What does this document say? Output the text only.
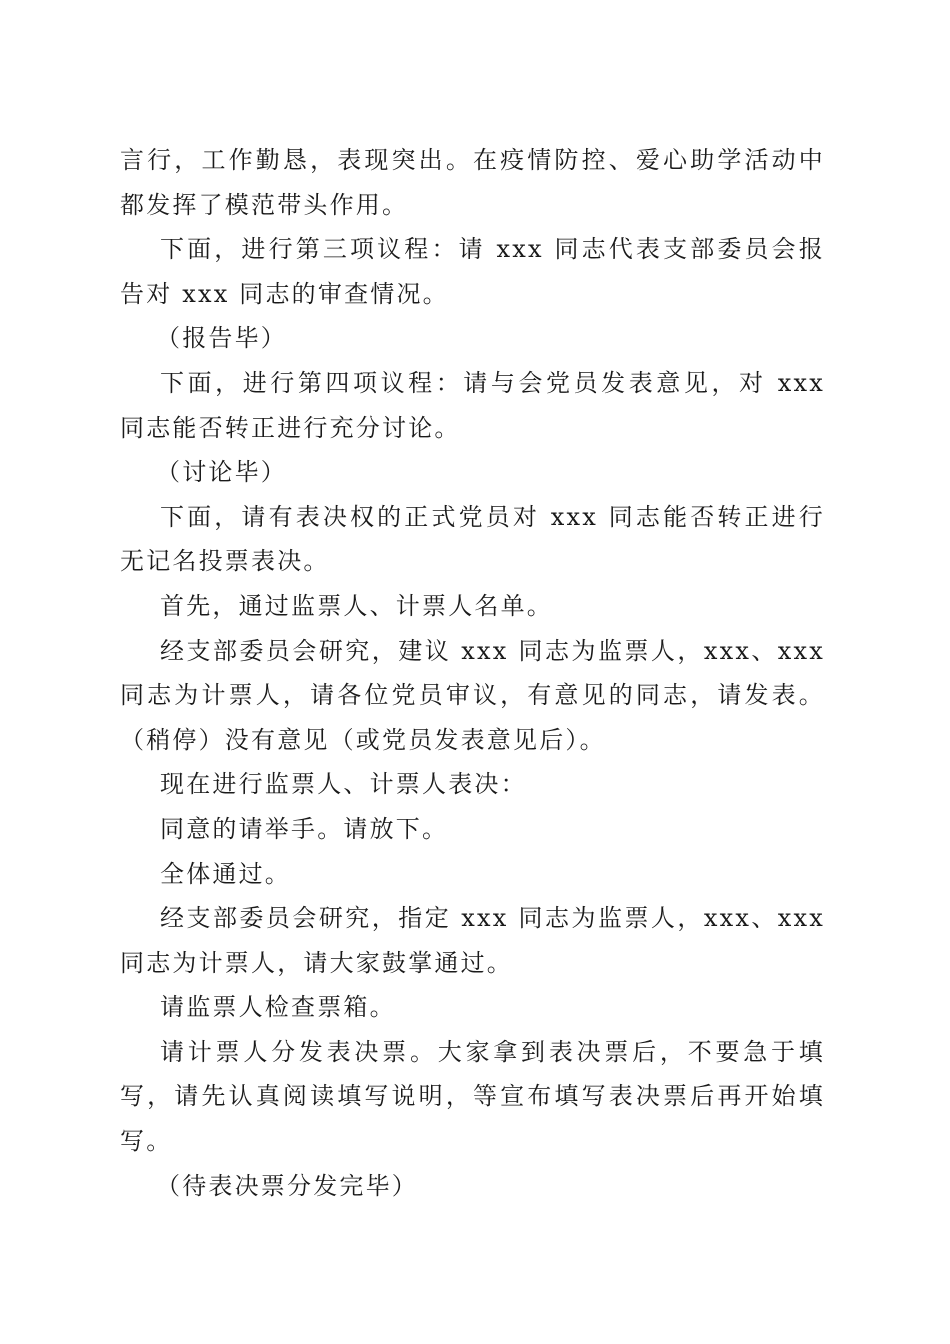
言行，工作勤恳，表现突出。在疫情防控、爱心助学活动中都发挥了模范带头作用。

下面，进行第三项议程：请 xxx 同志代表支部委员会报告对 xxx 同志的审查情况。

（报告毕）

下面，进行第四项议程：请与会党员发表意见，对 xxx 同志能否转正进行充分讨论。

（讨论毕）

下面，请有表决权的正式党员对 xxx 同志能否转正进行无记名投票表决。

首先，通过监票人、计票人名单。

经支部委员会研究，建议 xxx 同志为监票人，xxx、xxx 同志为计票人，请各位党员审议，有意见的同志，请发表。（稍停）没有意见（或党员发表意见后）。

现在进行监票人、计票人表决：

同意的请举手。请放下。

全体通过。

经支部委员会研究，指定 xxx 同志为监票人，xxx、xxx 同志为计票人，请大家鼓掌通过。

请监票人检查票箱。

请计票人分发表决票。大家拿到表决票后，不要急于填写，请先认真阅读填写说明，等宣布填写表决票后再开始填写。

（待表决票分发完毕）
